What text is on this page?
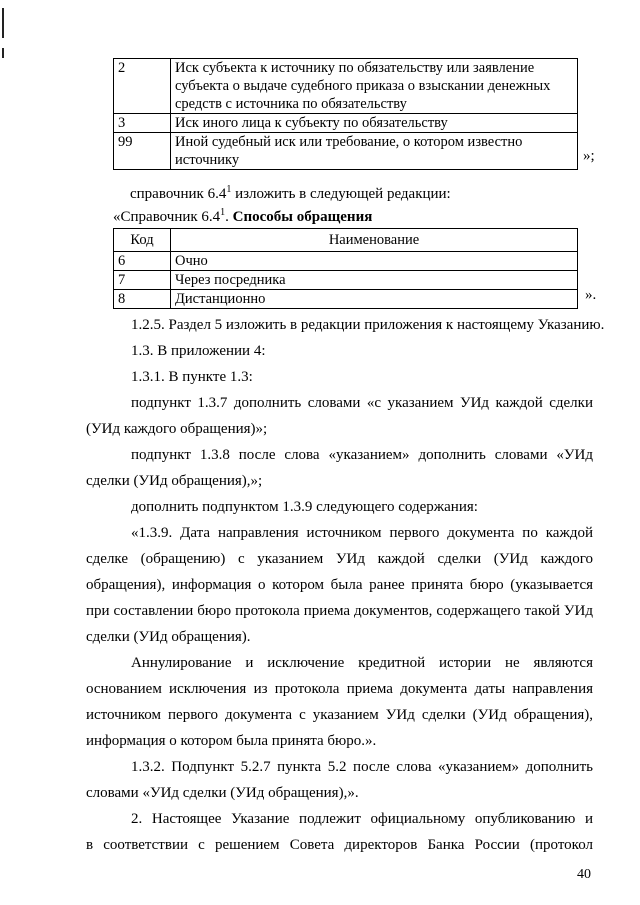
2	Иск субъекта к источнику по обязательству или заявление
субъекта о выдаче судебного приказа о взыскании денежных
средств с источника по обязательству
3	Иск иного лица к субъекту по обязательству
99	Иной судебный иск или требование, о котором известно
источнику	»;
справочник $6.4^1$ изложить в следующей редакции:
«Справочник $6.4^1$. Способы обращения
Код	Наименование
6	Очно
7	Через посредника
8	Дистанционно	».
1.2.5. Раздел 5 изложить в редакции приложения к настоящему Указанию.
1.3. В приложении 4:
1.3.1. В пункте 1.3:
подпункт 1.3.7 дополнить словами «с указанием УИд каждой сделки
(УИд каждого обращения)»;
подпункт 1.3.8 после слова «указанием» дополнить словами «УИд
сделки (УИд обращения),»;
дополнить подпунктом 1.3.9 следующего содержания:
«1.3.9. Дата направления источником первого документа по каждой
сделке (обращению) с указанием УИд каждой сделки (УИд каждого
обращения), информация о котором была ранее принята бюро (указывается
при составлении бюро протокола приема документов, содержащего такой УИд
сделки (УИд обращения).
Аннулирование и исключение кредитной истории не являются
основанием исключения из протокола приема документа даты направления
источником первого документа с указанием УИд сделки (УИд обращения),
информация о котором была принята бюро.».
1.3.2. Подпункт 5.2.7 пункта 5.2 после слова «указанием» дополнить
словами «УИд сделки (УИд обращения),».
2. Настоящее Указание подлежит официальному опубликованию и
в соответствии с решением Совета директоров Банка России (протокол
40
